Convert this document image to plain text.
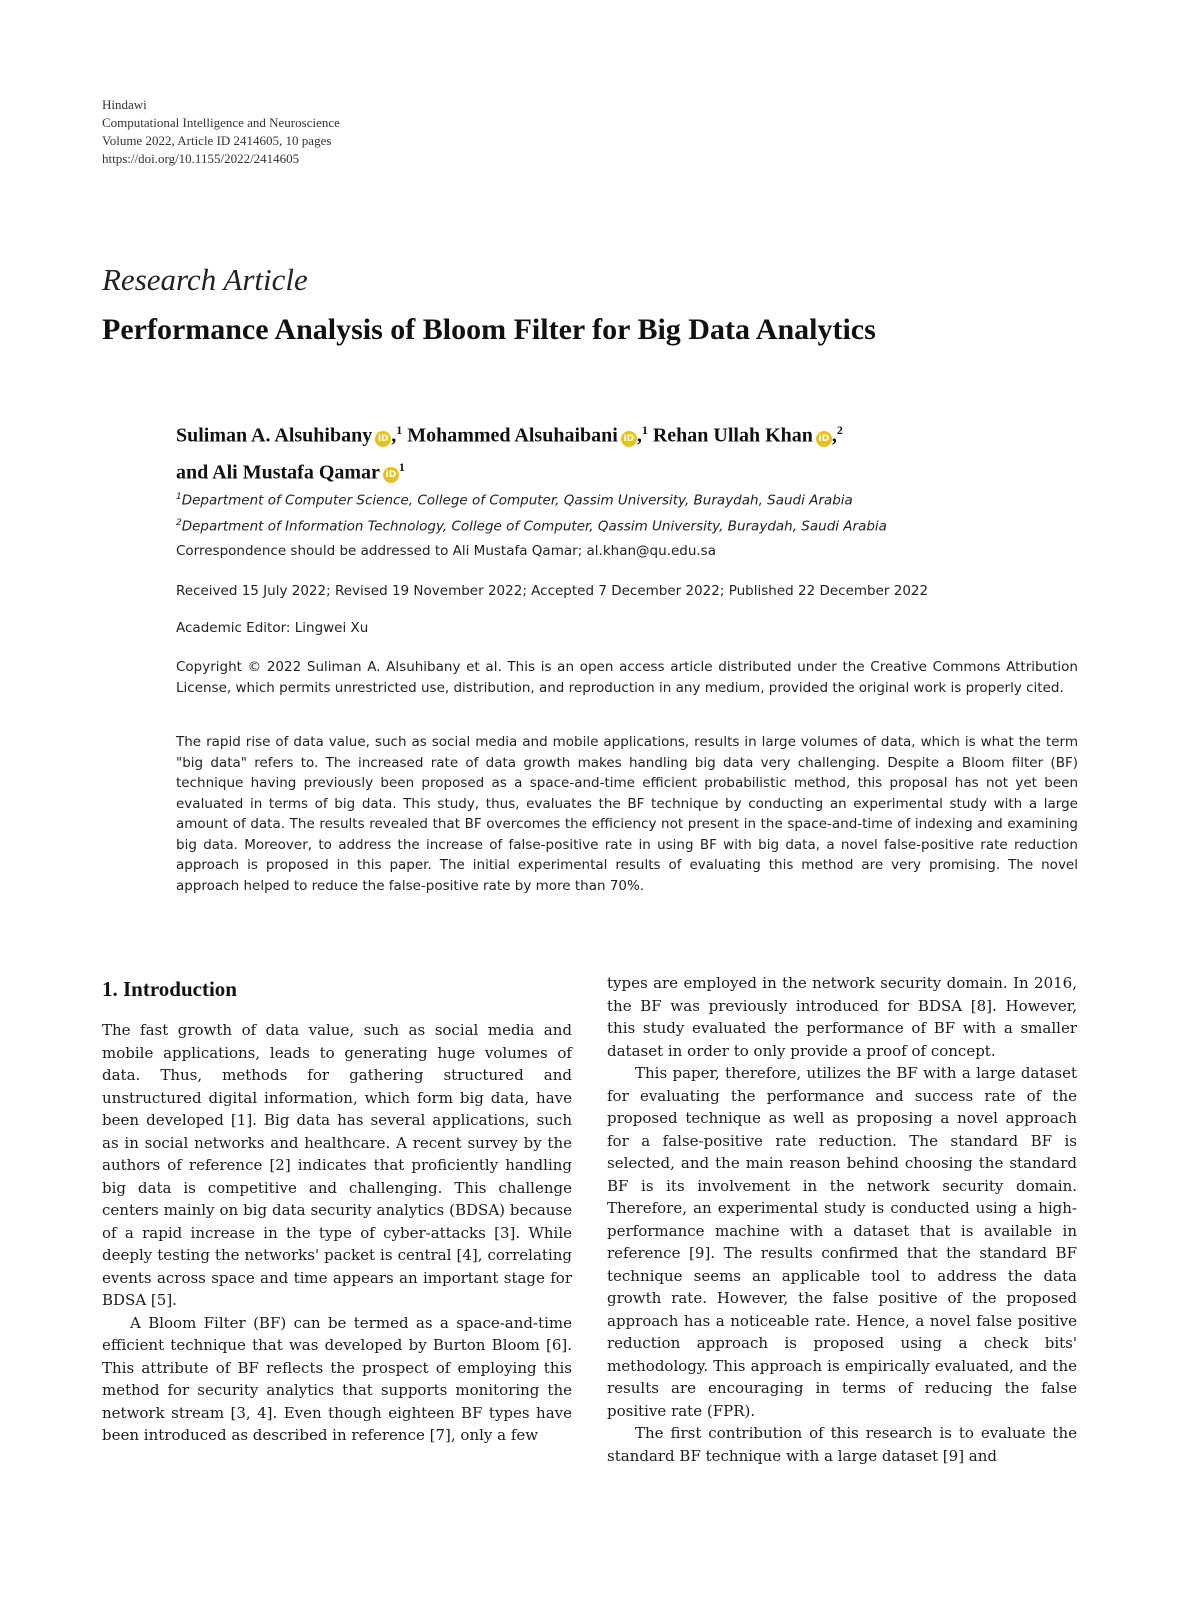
Hindawi
Computational Intelligence and Neuroscience
Volume 2022, Article ID 2414605, 10 pages
https://doi.org/10.1155/2022/2414605
Research Article
Performance Analysis of Bloom Filter for Big Data Analytics
Suliman A. Alsuhibany iD ,$^1$ Mohammed Alsuhaibani iD ,$^1$ Rehan Ullah Khan iD ,$^2$
and Ali Mustafa Qamar $iD^1$
$^1$Department of Computer Science, College of Computer, Qassim University, Buraydah, Saudi Arabia
$^2$Department of Information Technology, College of Computer, Qassim University, Buraydah, Saudi Arabia
Correspondence should be addressed to Ali Mustafa Qamar; al.khan@qu.edu.sa
Received 15 July 2022; Revised 19 November 2022; Accepted 7 December 2022; Published 22 December 2022
Academic Editor: Lingwei Xu
Copyright © 2022 Suliman A. Alsuhibany et al. This is an open access article distributed under the Creative Commons Attribution License, which permits unrestricted use, distribution, and reproduction in any medium, provided the original work is properly cited.
The rapid rise of data value, such as social media and mobile applications, results in large volumes of data, which is what the term "big data" refers to. The increased rate of data growth makes handling big data very challenging. Despite a Bloom filter (BF) technique having previously been proposed as a space-and-time efficient probabilistic method, this proposal has not yet been evaluated in terms of big data. This study, thus, evaluates the BF technique by conducting an experimental study with a large amount of data. The results revealed that BF overcomes the efficiency not present in the space-and-time of indexing and examining big data. Moreover, to address the increase of false-positive rate in using BF with big data, a novel false-positive rate reduction approach is proposed in this paper. The initial experimental results of evaluating this method are very promising. The novel approach helped to reduce the false-positive rate by more than 70%.
1. Introduction

The fast growth of data value, such as social media and mobile applications, leads to generating huge volumes of data. Thus, methods for gathering structured and unstructured digital information, which form big data, have been developed [1]. Big data has several applications, such as in social networks and healthcare. A recent survey by the authors of reference [2] indicates that proficiently handling big data is competitive and challenging. This challenge centers mainly on big data security analytics (BDSA) because of a rapid increase in the type of cyber-attacks [3]. While deeply testing the networks' packet is central [4], correlating events across space and time appears an important stage for BDSA [5].

A Bloom Filter (BF) can be termed as a space-and-time efficient technique that was developed by Burton Bloom [6]. This attribute of BF reflects the prospect of employing this method for security analytics that supports monitoring the network stream [3, 4]. Even though eighteen BF types have been introduced as described in reference [7], only a few

types are employed in the network security domain. In 2016, the BF was previously introduced for BDSA [8]. However, this study evaluated the performance of BF with a smaller dataset in order to only provide a proof of concept.

This paper, therefore, utilizes the BF with a large dataset for evaluating the performance and success rate of the proposed technique as well as proposing a novel approach for a false-positive rate reduction. The standard BF is selected, and the main reason behind choosing the standard BF is its involvement in the network security domain. Therefore, an experimental study is conducted using a high-performance machine with a dataset that is available in reference [9]. The results confirmed that the standard BF technique seems an applicable tool to address the data growth rate. However, the false positive of the proposed approach has a noticeable rate. Hence, a novel false positive reduction approach is proposed using a check bits' methodology. This approach is empirically evaluated, and the results are encouraging in terms of reducing the false positive rate (FPR).

The first contribution of this research is to evaluate the standard BF technique with a large dataset [9] and
